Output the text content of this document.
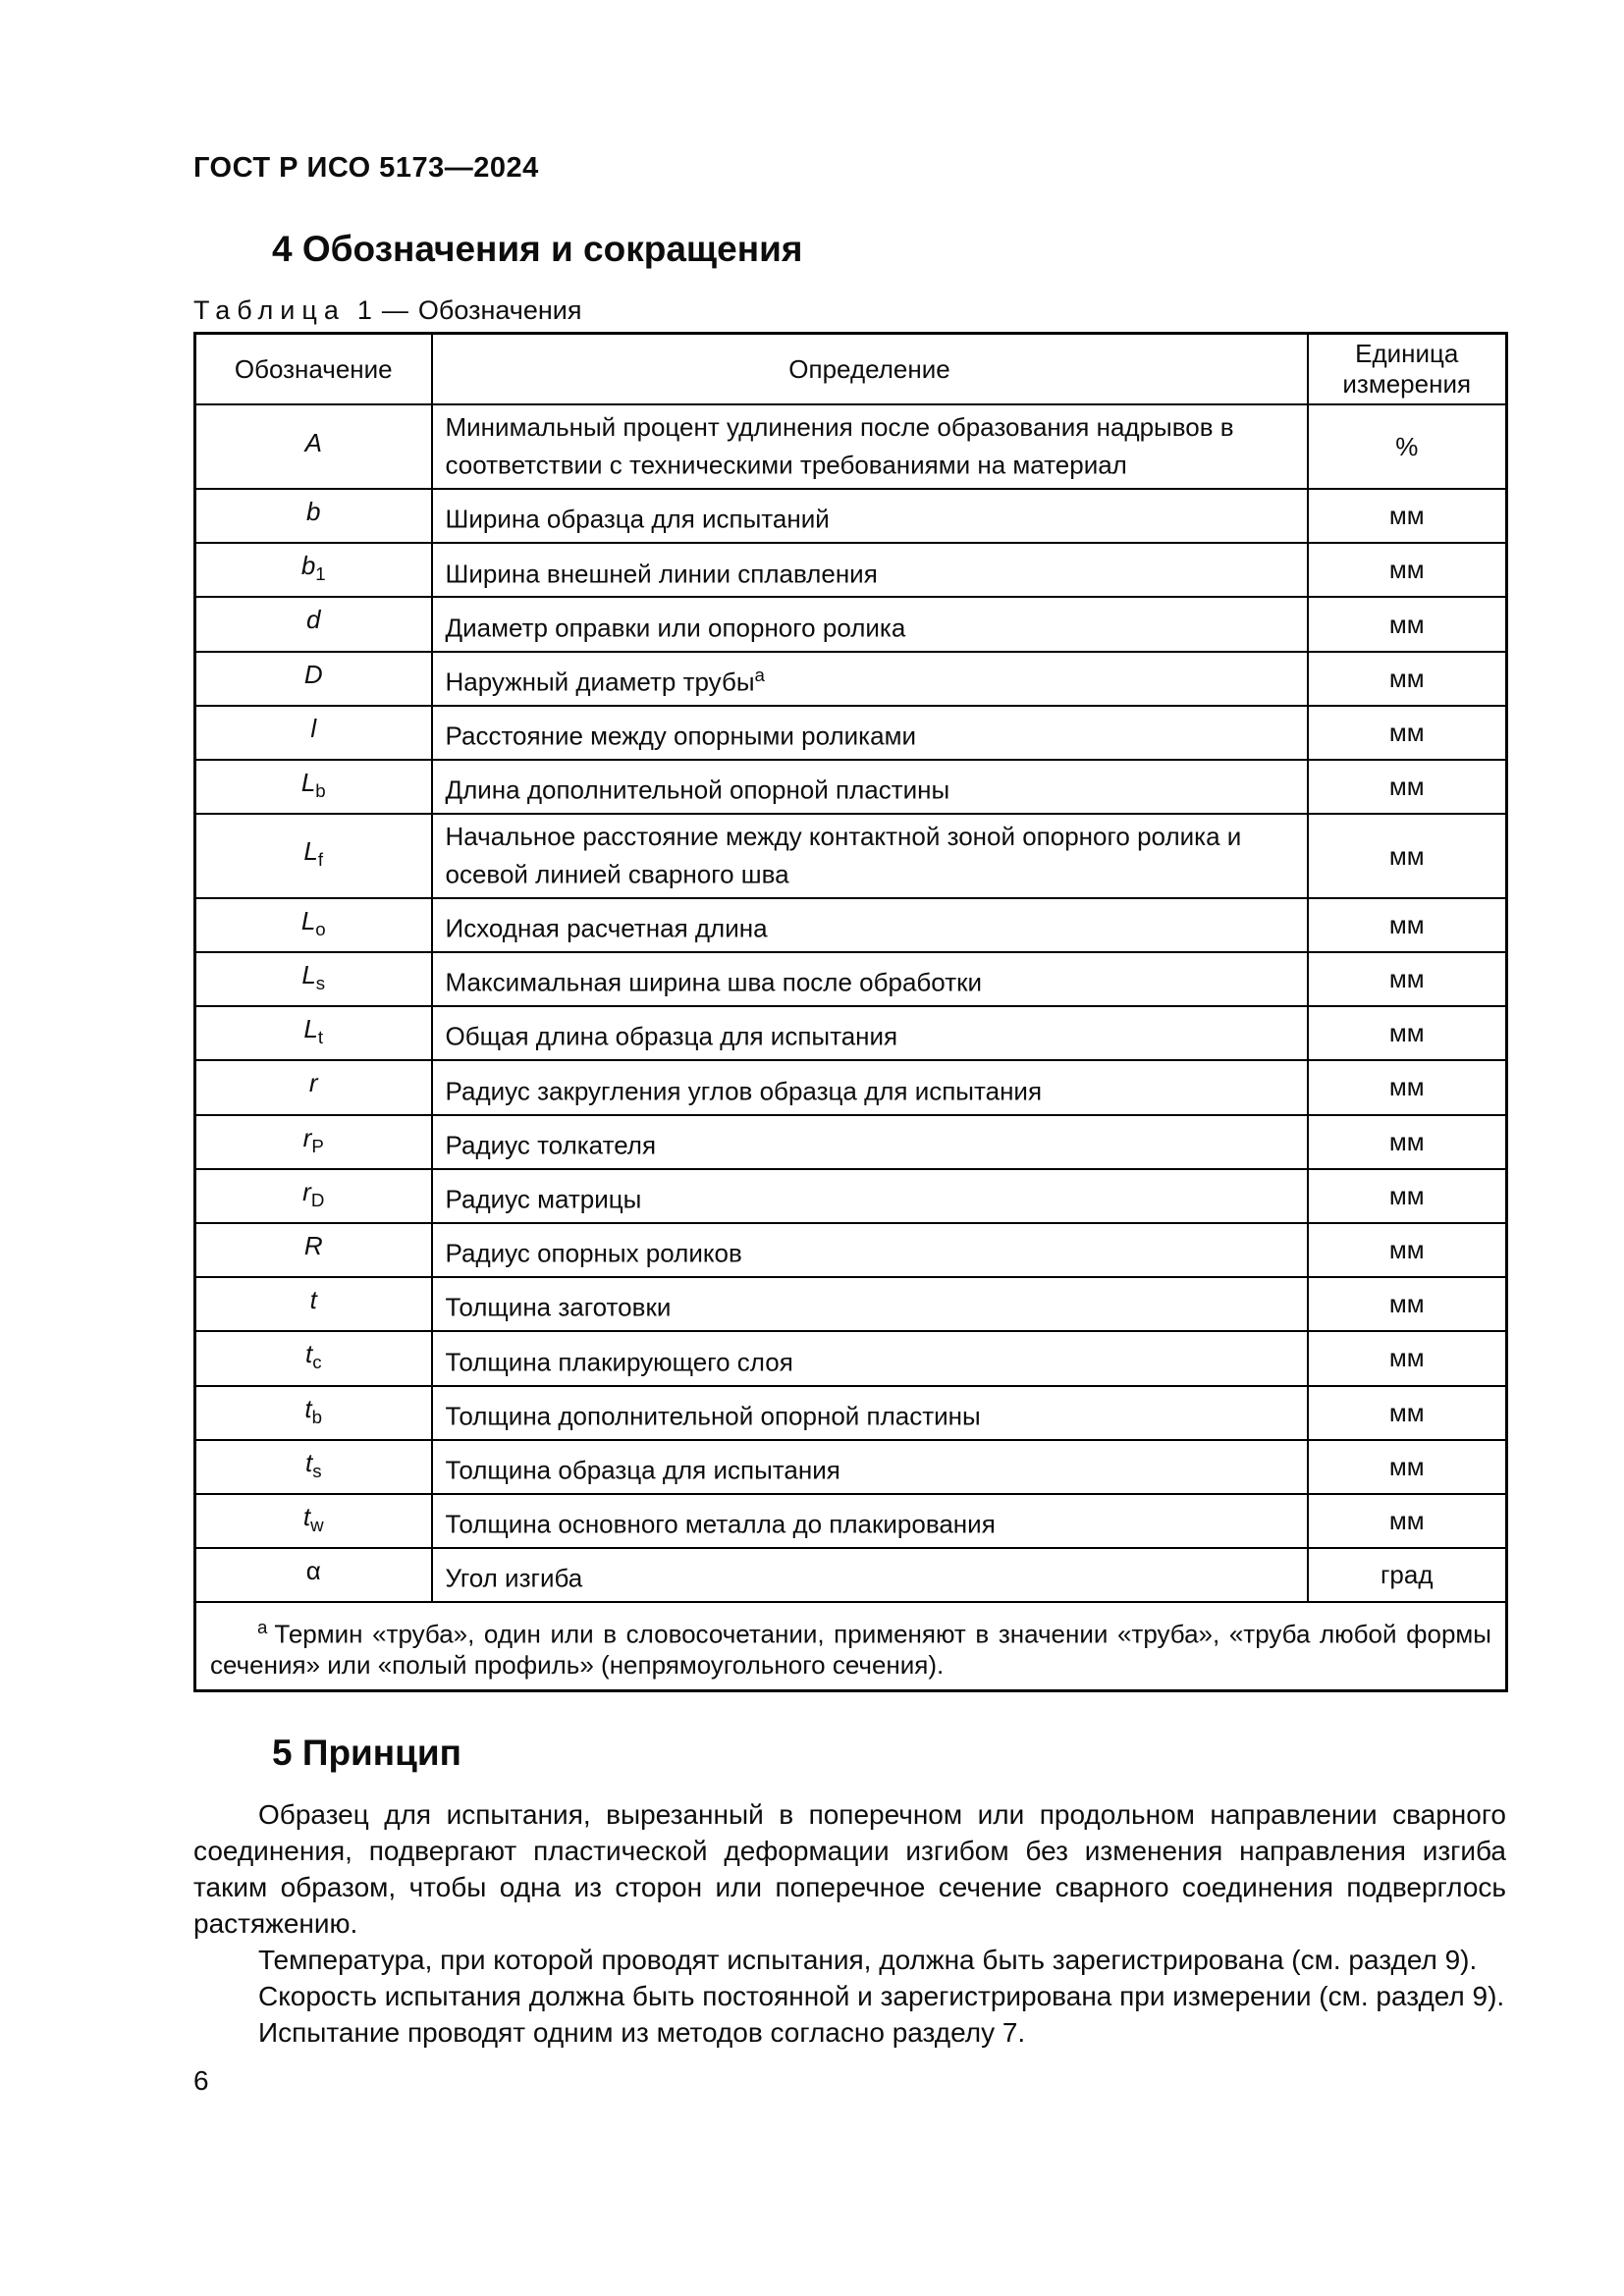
ГОСТ Р ИСО 5173—2024
4 Обозначения и сокращения
Таблица 1 — Обозначения
Обозначение	Определение	Единица измерения
A	Минимальный процент удлинения после образования надрывов в соответствии с техническими требованиями на материал	%
b	Ширина образца для испытаний	мм
$b_1$	Ширина внешней линии сплавления	мм
d	Диаметр оправки или опорного ролика	мм
D	Наружный диаметр трубы$^a$	мм
l	Расстояние между опорными роликами	мм
$L_b$	Длина дополнительной опорной пластины	мм
$L_f$	Начальное расстояние между контактной зоной опорного ролика и осевой линией сварного шва	мм
$L_o$	Исходная расчетная длина	мм
$L_s$	Максимальная ширина шва после обработки	мм
$L_t$	Общая длина образца для испытания	мм
r	Радиус закругления углов образца для испытания	мм
$r_P$	Радиус толкателя	мм
$r_D$	Радиус матрицы	мм
R	Радиус опорных роликов	мм
t	Толщина заготовки	мм
$t_c$	Толщина плакирующего слоя	мм
$t_b$	Толщина дополнительной опорной пластины	мм
$t_s$	Толщина образца для испытания	мм
$t_w$	Толщина основного металла до плакирования	мм
α	Угол изгиба	град
$^а$ Термин «труба», один или в словосочетании, применяют в значении «труба», «труба любой формы сечения» или «полый профиль» (непрямоугольного сечения).		
5 Принцип

Образец для испытания, вырезанный в поперечном или продольном направлении сварного соединения, подвергают пластической деформации изгибом без изменения направления изгиба таким образом, чтобы одна из сторон или поперечное сечение сварного соединения подверглось растяжению.

Температура, при которой проводят испытания, должна быть зарегистрирована (см. раздел 9).

Скорость испытания должна быть постоянной и зарегистрирована при измерении (см. раздел 9).

Испытание проводят одним из методов согласно разделу 7.

6
